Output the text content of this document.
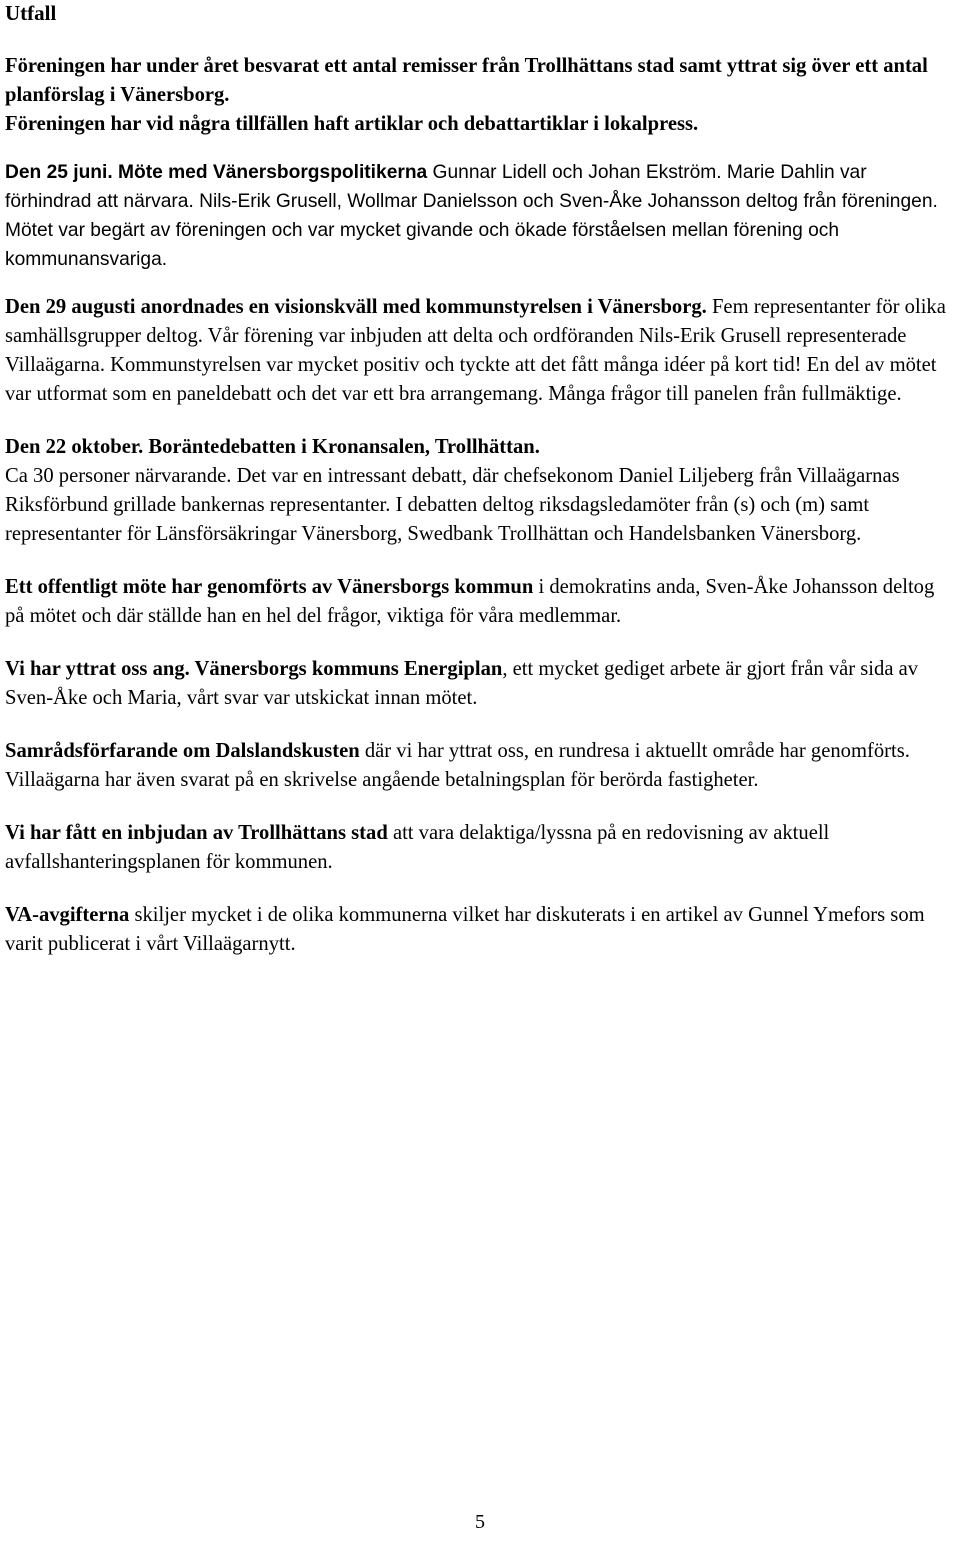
Utfall

Föreningen har under året besvarat ett antal remisser från Trollhättans stad samt yttrat sig över ett antal planförslag i Vänersborg.

Föreningen har vid några tillfällen haft artiklar och debattartiklar i lokalpress.

Den 25 juni. Möte med Vänersborgspolitikerna Gunnar Lidell och Johan Ekström. Marie Dahlin var förhindrad att närvara. Nils-Erik Grusell, Wollmar Danielsson och Sven-Åke Johansson deltog från föreningen. Mötet var begärt av föreningen och var mycket givande och ökade förståelsen mellan förening och kommunansvariga.

Den 29 augusti anordnades en visionskväll med kommunstyrelsen i Vänersborg. Fem representanter för olika samhällsgrupper deltog. Vår förening var inbjuden att delta och ordföranden Nils-Erik Grusell representerade Villaägarna. Kommunstyrelsen var mycket positiv och tyckte att det fått många idéer på kort tid! En del av mötet var utformat som en paneldebatt och det var ett bra arrangemang. Många frågor till panelen från fullmäktige.

Den 22 oktober. Boräntedebatten i Kronansalen, Trollhättan.

Ca 30 personer närvarande. Det var en intressant debatt, där chefsekonom Daniel Liljeberg från Villaägarnas Riksförbund grillade bankernas representanter. I debatten deltog riksdagsledamöter från (s) och (m) samt representanter för Länsförsäkringar Vänersborg, Swedbank Trollhättan och Handelsbanken Vänersborg.

Ett offentligt möte har genomförts av Vänersborgs kommun i demokratins anda, Sven-Åke Johansson deltog på mötet och där ställde han en hel del frågor, viktiga för våra medlemmar.

Vi har yttrat oss ang. Vänersborgs kommuns Energiplan, ett mycket gediget arbete är gjort från vår sida av Sven-Åke och Maria, vårt svar var utskickat innan mötet.

Samrådsförfarande om Dalslandskusten där vi har yttrat oss, en rundresa i aktuellt område har genomförts.

Villaägarna har även svarat på en skrivelse angående betalningsplan för berörda fastigheter.

Vi har fått en inbjudan av Trollhättans stad att vara delaktiga/lyssna på en redovisning av aktuell avfallshanteringsplanen för kommunen.

VA-avgifterna skiljer mycket i de olika kommunerna vilket har diskuterats i en artikel av Gunnel Ymefors som varit publicerat i vårt Villaägarnytt.

5
